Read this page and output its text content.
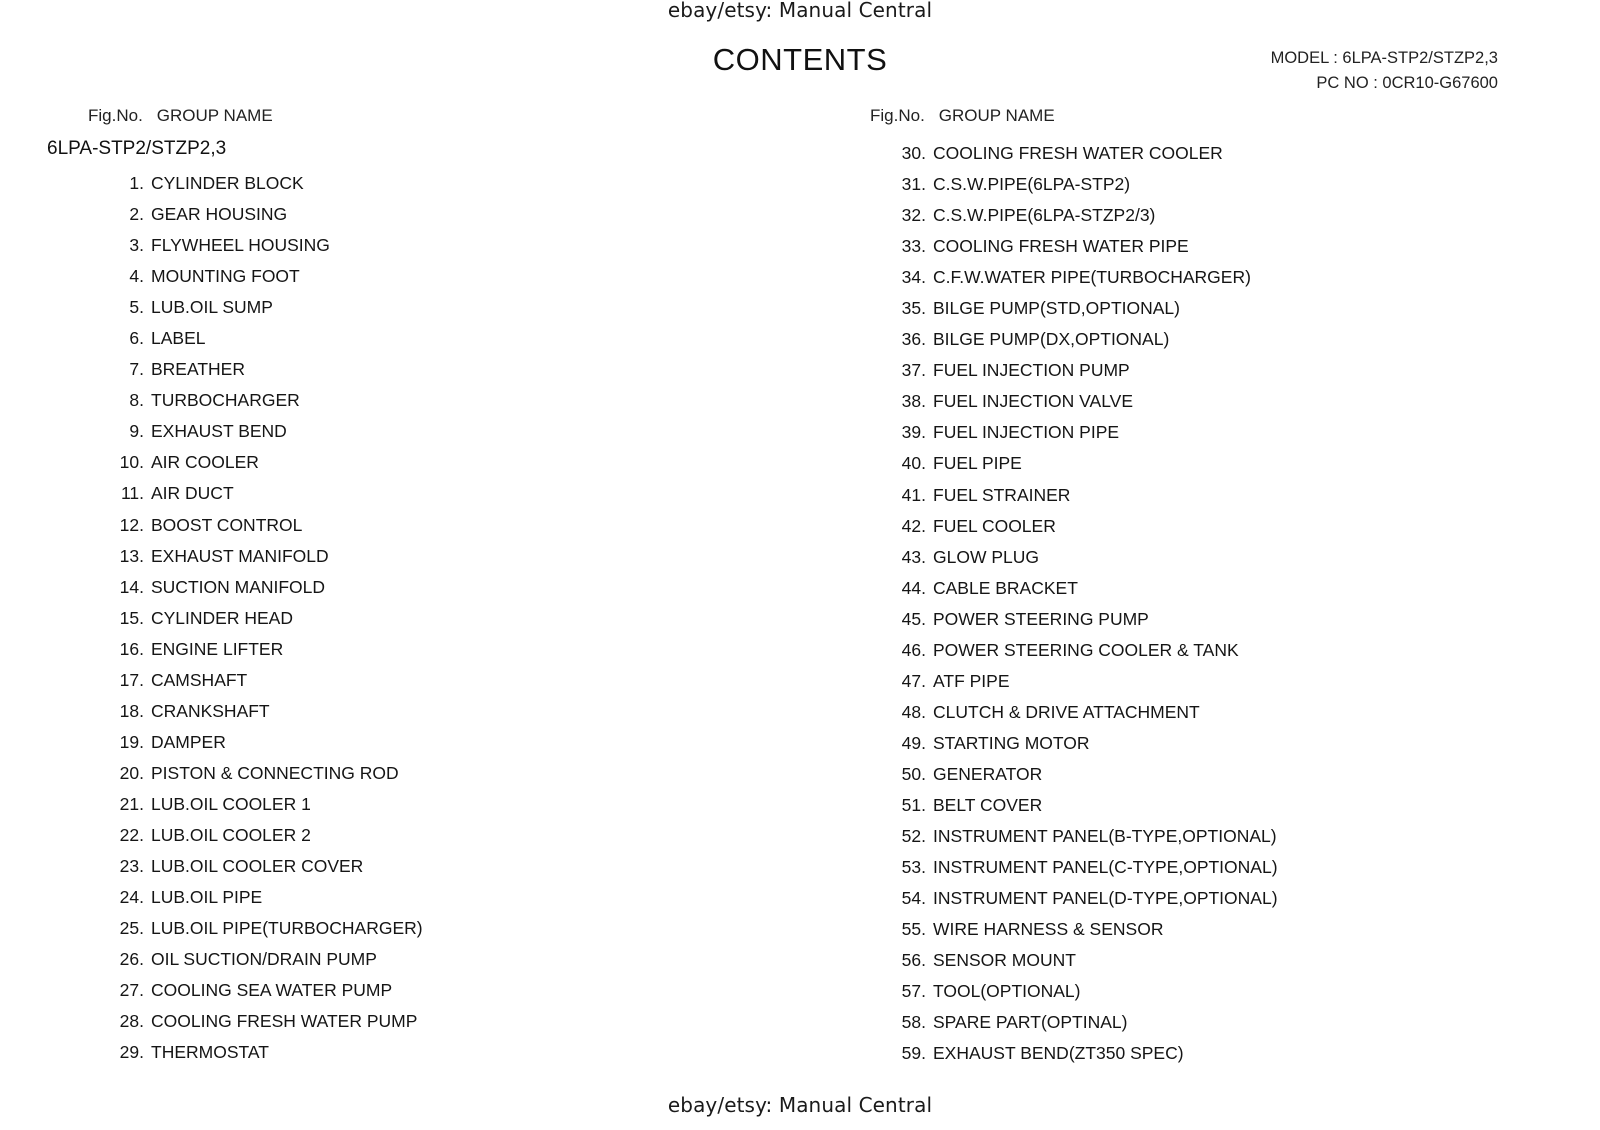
ebay/etsy: Manual Central
CONTENTS	MODEL : 6LPA-STP2/STZP2,3
PC NO : 0CR10-G67600
Fig.No. GROUP NAME	Fig.No. GROUP NAME
6LPA-STP2/STZP2,3
1. CYLINDER BLOCK
2. GEAR HOUSING
3. FLYWHEEL HOUSING
4. MOUNTING FOOT
5. LUB.OIL SUMP
6. LABEL
7. BREATHER
8. TURBOCHARGER
9. EXHAUST BEND
10. AIR COOLER
11. AIR DUCT
12. BOOST CONTROL
13. EXHAUST MANIFOLD
14. SUCTION MANIFOLD
15. CYLINDER HEAD
16. ENGINE LIFTER
17. CAMSHAFT
18. CRANKSHAFT
19. DAMPER
20. PISTON & CONNECTING ROD
21. LUB.OIL COOLER 1
22. LUB.OIL COOLER 2
23. LUB.OIL COOLER COVER
24. LUB.OIL PIPE
25. LUB.OIL PIPE(TURBOCHARGER)
26. OIL SUCTION/DRAIN PUMP
27. COOLING SEA WATER PUMP
28. COOLING FRESH WATER PUMP
29. THERMOSTAT
30. COOLING FRESH WATER COOLER
31. C.S.W.PIPE(6LPA-STP2)
32. C.S.W.PIPE(6LPA-STZP2/3)
33. COOLING FRESH WATER PIPE
34. C.F.W.WATER PIPE(TURBOCHARGER)
35. BILGE PUMP(STD,OPTIONAL)
36. BILGE PUMP(DX,OPTIONAL)
37. FUEL INJECTION PUMP
38. FUEL INJECTION VALVE
39. FUEL INJECTION PIPE
40. FUEL PIPE
41. FUEL STRAINER
42. FUEL COOLER
43. GLOW PLUG
44. CABLE BRACKET
45. POWER STEERING PUMP
46. POWER STEERING COOLER & TANK
47. ATF PIPE
48. CLUTCH & DRIVE ATTACHMENT
49. STARTING MOTOR
50. GENERATOR
51. BELT COVER
52. INSTRUMENT PANEL(B-TYPE,OPTIONAL)
53. INSTRUMENT PANEL(C-TYPE,OPTIONAL)
54. INSTRUMENT PANEL(D-TYPE,OPTIONAL)
55. WIRE HARNESS & SENSOR
56. SENSOR MOUNT
57. TOOL(OPTIONAL)
58. SPARE PART(OPTINAL)
59. EXHAUST BEND(ZT350 SPEC)
ebay/etsy: Manual Central
